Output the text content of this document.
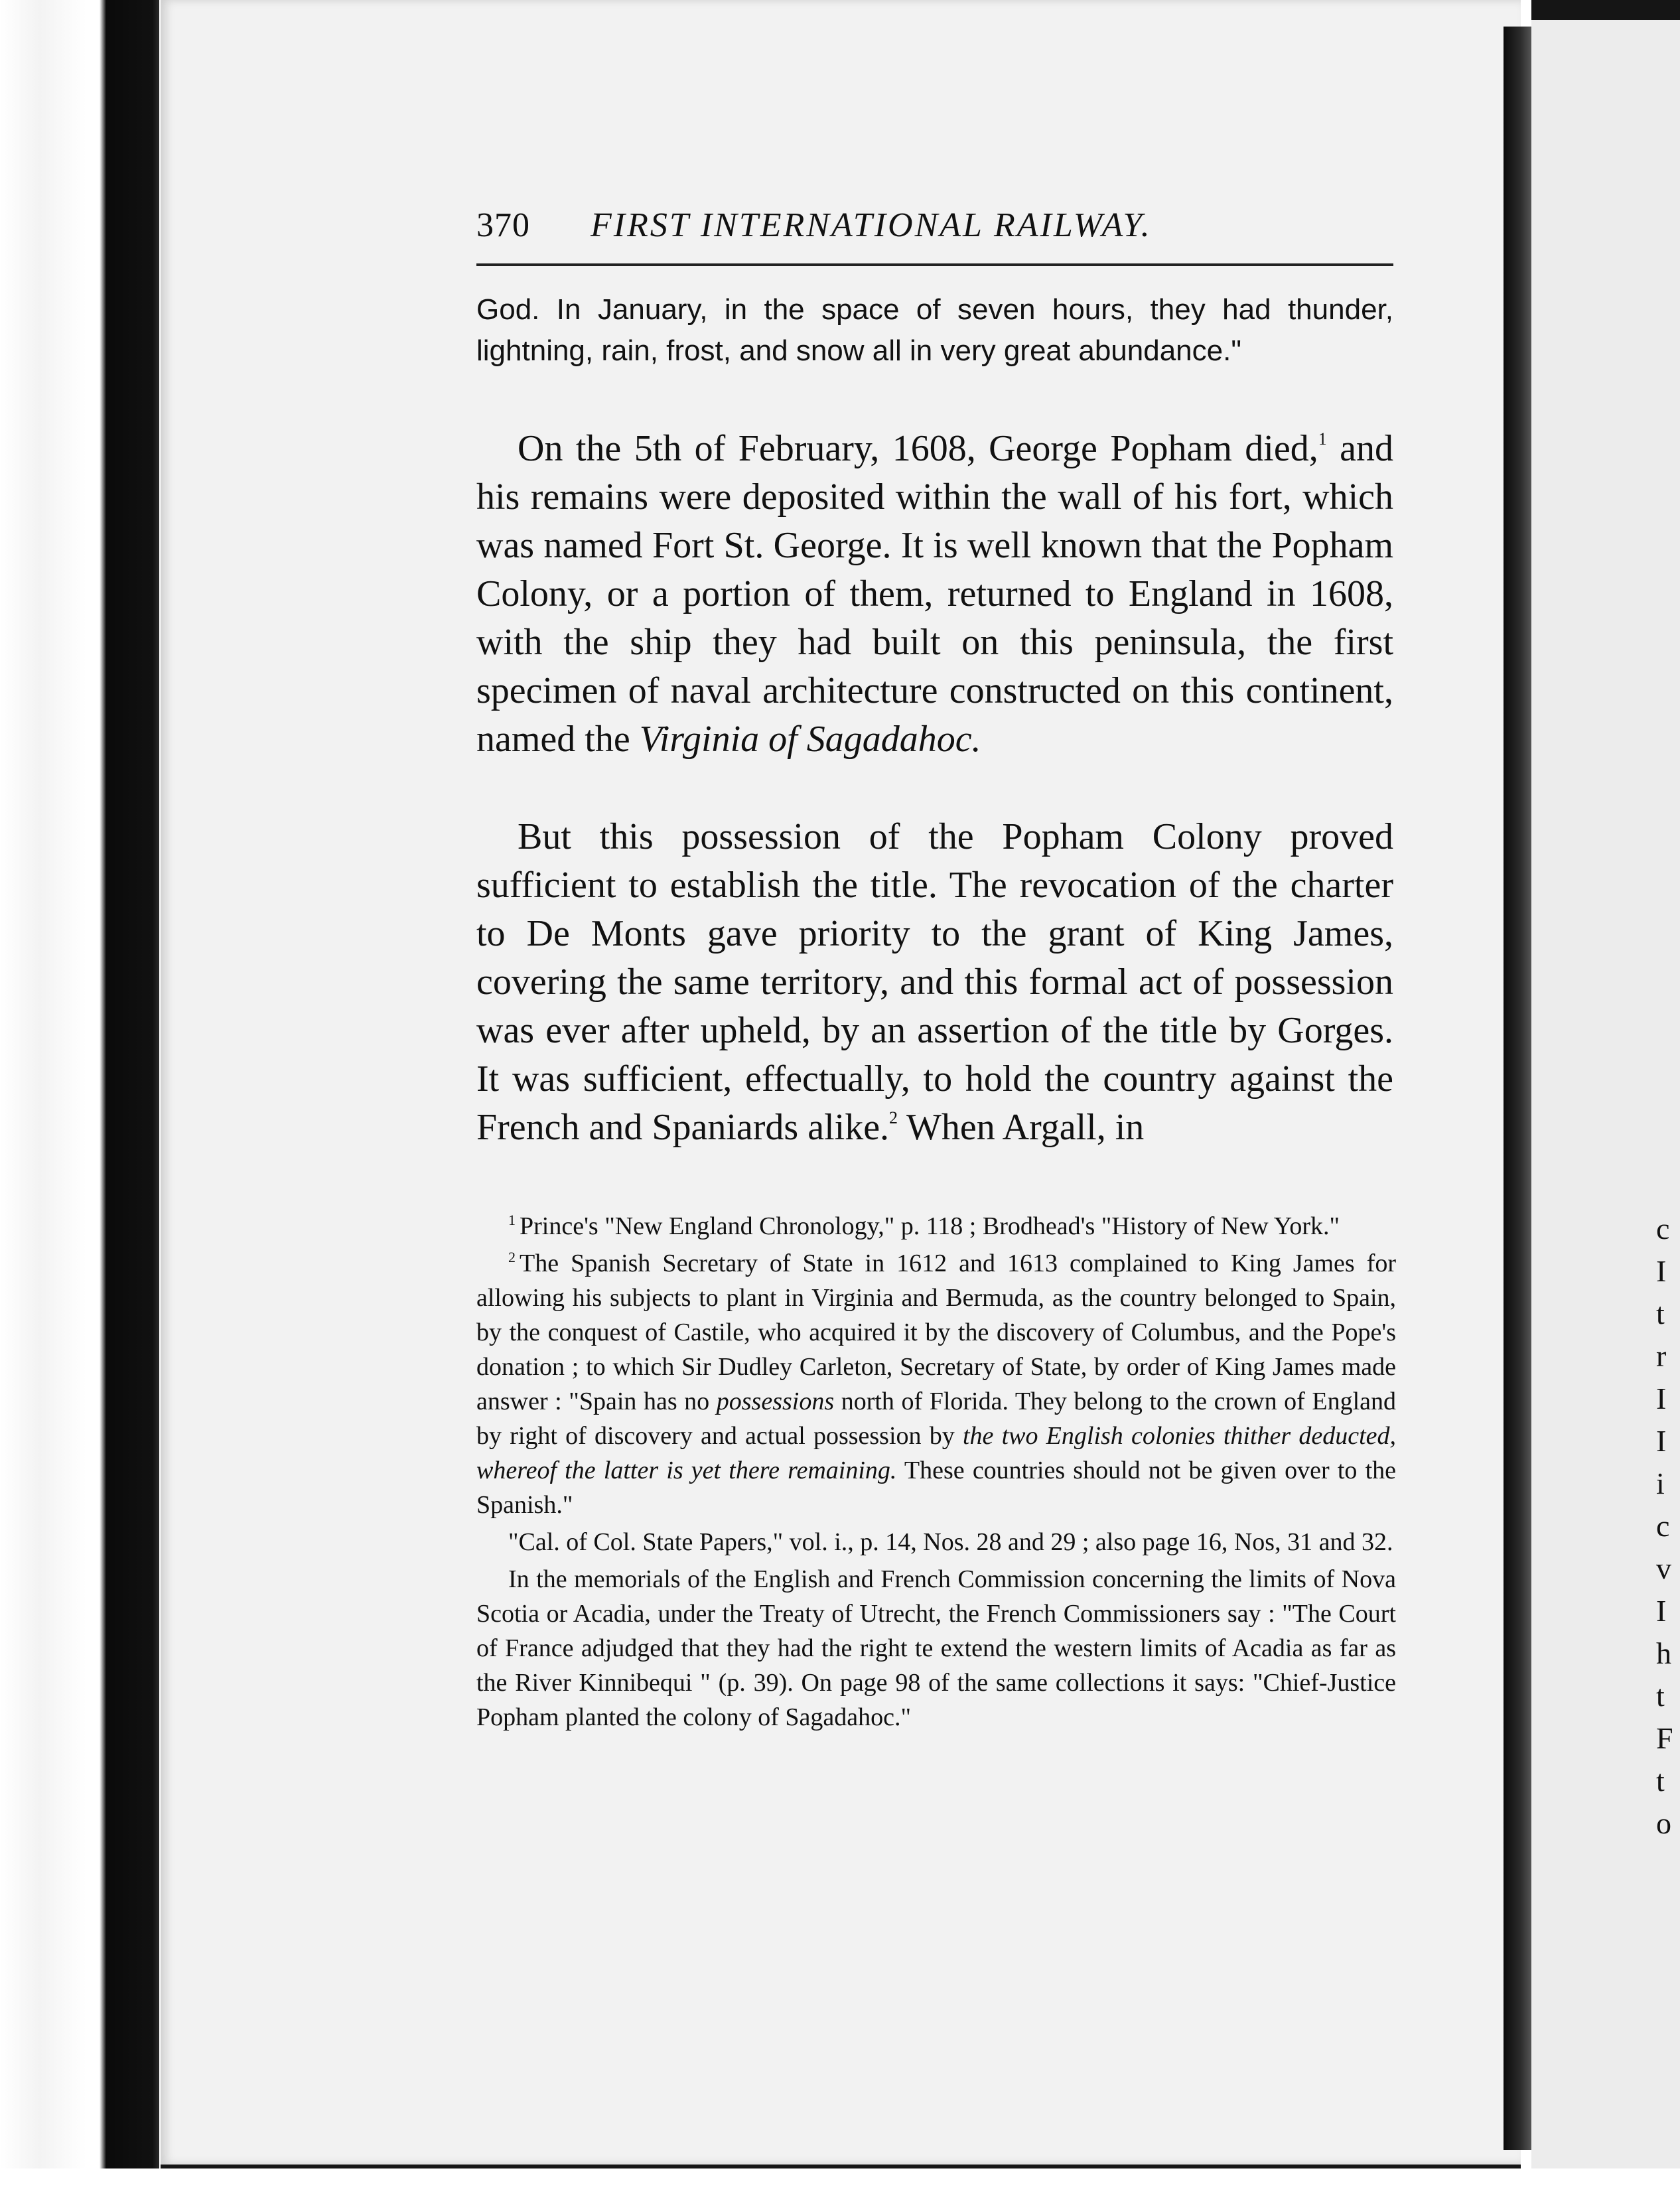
370 FIRST INTERNATIONAL RAILWAY.

God. In January, in the space of seven hours, they had thunder, lightning, rain, frost, and snow all in very great abundance."

On the 5th of February, 1608, George Popham died,$^1$ and his remains were deposited within the wall of his fort, which was named Fort St. George. It is well known that the Popham Colony, or a portion of them, returned to England in 1608, with the ship they had built on this peninsula, the first specimen of naval architecture constructed on this continent, named the Virginia of Sagadahoc.

But this possession of the Popham Colony proved sufficient to establish the title. The revocation of the charter to De Monts gave priority to the grant of King James, covering the same territory, and this formal act of possession was ever after upheld, by an assertion of the title by Gorges. It was sufficient, effectually, to hold the country against the French and Spaniards alike.$^2$ When Argall, in

$^1$ Prince's "New England Chronology," p. 118 ; Brodhead's "History of New York."

$^2$ The Spanish Secretary of State in 1612 and 1613 complained to King James for allowing his subjects to plant in Virginia and Bermuda, as the country belonged to Spain, by the conquest of Castile, who acquired it by the discovery of Columbus, and the Pope's donation ; to which Sir Dudley Carleton, Secretary of State, by order of King James made answer : "Spain has no possessions north of Florida. They belong to the crown of England by right of discovery and actual possession by the two English colonies thither deducted, whereof the latter is yet there remaining. These countries should not be given over to the Spanish."

"Cal. of Col. State Papers," vol. i., p. 14, Nos. 28 and 29 ; also page 16, Nos, 31 and 32.

In the memorials of the English and French Commission concerning the limits of Nova Scotia or Acadia, under the Treaty of Utrecht, the French Commissioners say : "The Court of France adjudged that they had the right te extend the western limits of Acadia as far as the River Kinnibequi " (p. 39). On page 98 of the same collections it says: "Chief-Justice Popham planted the colony of Sagadahoc."

c
I
t
r
I
I
i
c
v
I
h
t
F
t
o
